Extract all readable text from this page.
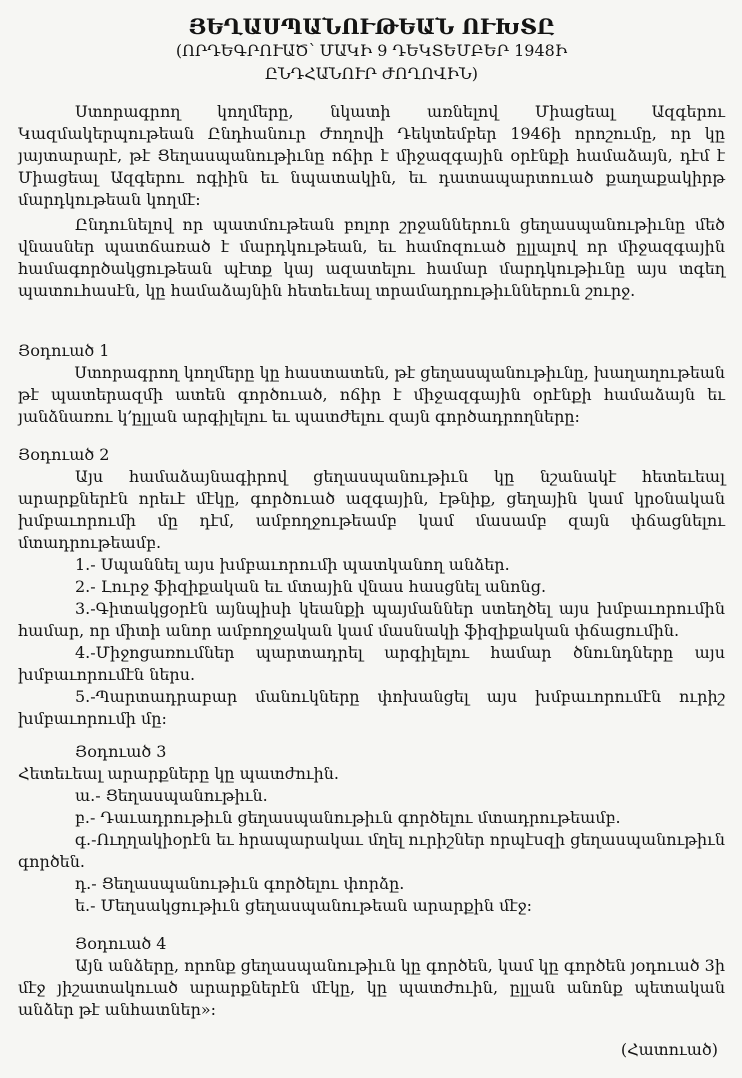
ՅԵՂԱՍՊԱՆՈՒԹԵԱՆ ՈՒԽՏԸ
(ՈՐԴԵԳՐՈՒԱԾ՝ ՄԱԿԻ 9 ԴԵԿՏԵՄԲԵՐ 1948Ի
ԸՆԴՀԱՆՈՒՐ ԺՈՂՈՎԻՆ)
Ստորագրող կողմերը, նկատի առնելով Միացեալ Ազգերու
Կազմակերպութեան Ընդհանուր Ժողովի Դեկտեմբեր 1946ի որոշումը, որ կը
յայտարարէ, թէ Ցեղասպանութիւնը ոճիր է միջազգային օրէնքի համաձայն, դէմ է
Միացեալ Ազգերու ոգիին եւ նպատակին, եւ դատապարտուած քաղաքակիրթ
մարդկութեան կողմէ:
Ընդունելով որ պատմութեան բոլոր շրջաններուն ցեղասպանութիւնը մեծ
վնասներ պատճառած է մարդկութեան, եւ համոզուած ըլլալով որ միջազգային
համագործակցութեան պէտք կայ ազատելու համար մարդկութիւնը այս տգեղ
պատուհասէն, կը համաձայնին հետեւեալ տրամադրութիւններուն շուրջ.
Յօդուած 1
Ստորագրող կողմերը կը հաստատեն, թէ ցեղասպանութիւնը, խաղաղութեան
թէ պատերազմի ատեն գործուած, ոճիր է միջազգային օրէնքի համաձայն եւ
յանձնառու կ՚ըլլան արգիլելու եւ պատժելու զայն գործադրողները:
Յօդուած 2
Այս համաձայնագիրով ցեղասպանութիւն կը նշանակէ հետեւեալ
արարքներէն որեւէ մէկը, գործուած ազգային, էթնիք, ցեղային կամ կրօնական
խմբաւորումի մը դէմ, ամբողջութեամբ կամ մասամբ զայն փճացնելու
մտադրութեամբ.
1.- Սպաննել այս խմբաւորումի պատկանող անձեր.
2.- Լուրջ ֆիզիքական եւ մտային վնաս հասցնել անոնց.
3.-Գիտակցօրէն այնպիսի կեանքի պայմաններ ստեղծել այս խմբաւորումին
համար, որ միտի անոր ամբողջական կամ մասնակի ֆիզիքական փճացումին.
4.-Միջոցառումներ պարտադրել արգիլելու համար ծնունդները այս
խմբաւորումէն ներս.
5.-Պարտադրաբար մանուկները փոխանցել այս խմբաւորումէն ուրիշ
խմբաւորումի մը:
Յօդուած 3
Հետեւեալ արարքները կը պատժուին.
ա.- Ցեղասպանութիւն.
բ.- Դաւադրութիւն ցեղասպանութիւն գործելու մտադրութեամբ.
գ.-Ուղղակիօրէն եւ հրապարակաւ մղել ուրիշներ որպէսզի ցեղասպանութիւն
գործեն.
դ.- Ցեղասպանութիւն գործելու փորձը.
ե.- Մեղսակցութիւն ցեղասպանութեան արարքին մէջ:
Յօդուած 4
Այն անձերը, որոնք ցեղասպանութիւն կը գործեն, կամ կը գործեն յօդուած 3ի
մէջ յիշատակուած արարքներէն մէկը, կը պատժուին, ըլլան անոնք պետական
անձեր թէ անհատներ»:
(Հատուած)
